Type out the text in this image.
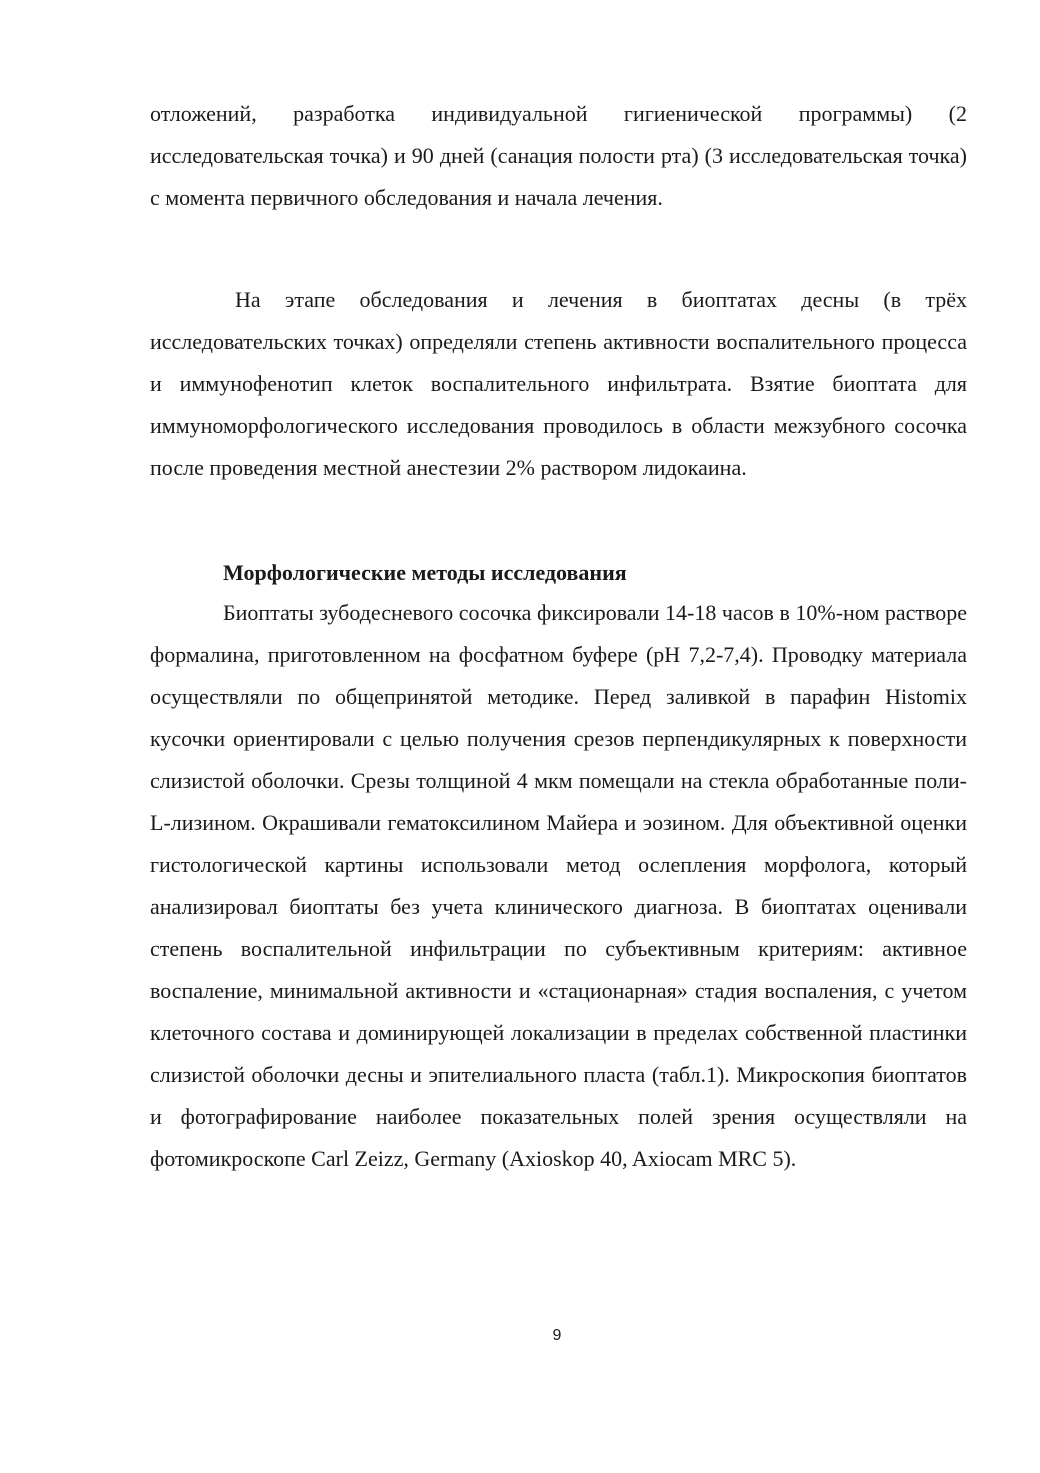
отложений, разработка индивидуальной гигиенической программы) (2 исследовательская точка) и 90 дней (санация полости рта) (3 исследовательская точка) с момента первичного обследования и начала лечения.

На этапе обследования и лечения в биоптатах десны (в трёх исследовательских точках) определяли степень активности воспалительного процесса и иммунофенотип клеток воспалительного инфильтрата. Взятие биоптата для иммуноморфологического исследования проводилось в области межзубного сосочка после проведения местной анестезии 2% раствором лидокаина.

Морфологические методы исследования

Биоптаты зубодесневого сосочка фиксировали 14-18 часов в 10%-ном растворе формалина, приготовленном на фосфатном буфере (pH 7,2-7,4). Проводку материала осуществляли по общепринятой методике. Перед заливкой в парафин Histomix кусочки ориентировали с целью получения срезов перпендикулярных к поверхности слизистой оболочки. Срезы толщиной 4 мкм помещали на стекла обработанные поли-L-лизином. Окрашивали гематоксилином Майера и эозином. Для объективной оценки гистологической картины использовали метод ослепления морфолога, который анализировал биоптаты без учета клинического диагноза. В биоптатах оценивали степень воспалительной инфильтрации по субъективным критериям: активное воспаление, минимальной активности и «стационарная» стадия воспаления, с учетом клеточного состава и доминирующей локализации в пределах собственной пластинки слизистой оболочки десны и эпителиального пласта (табл.1). Микроскопия биоптатов и фотографирование наиболее показательных полей зрения осуществляли на фотомикроскопе Carl Zeizz, Germany (Axioskop 40, Axiocam MRC 5).

9
